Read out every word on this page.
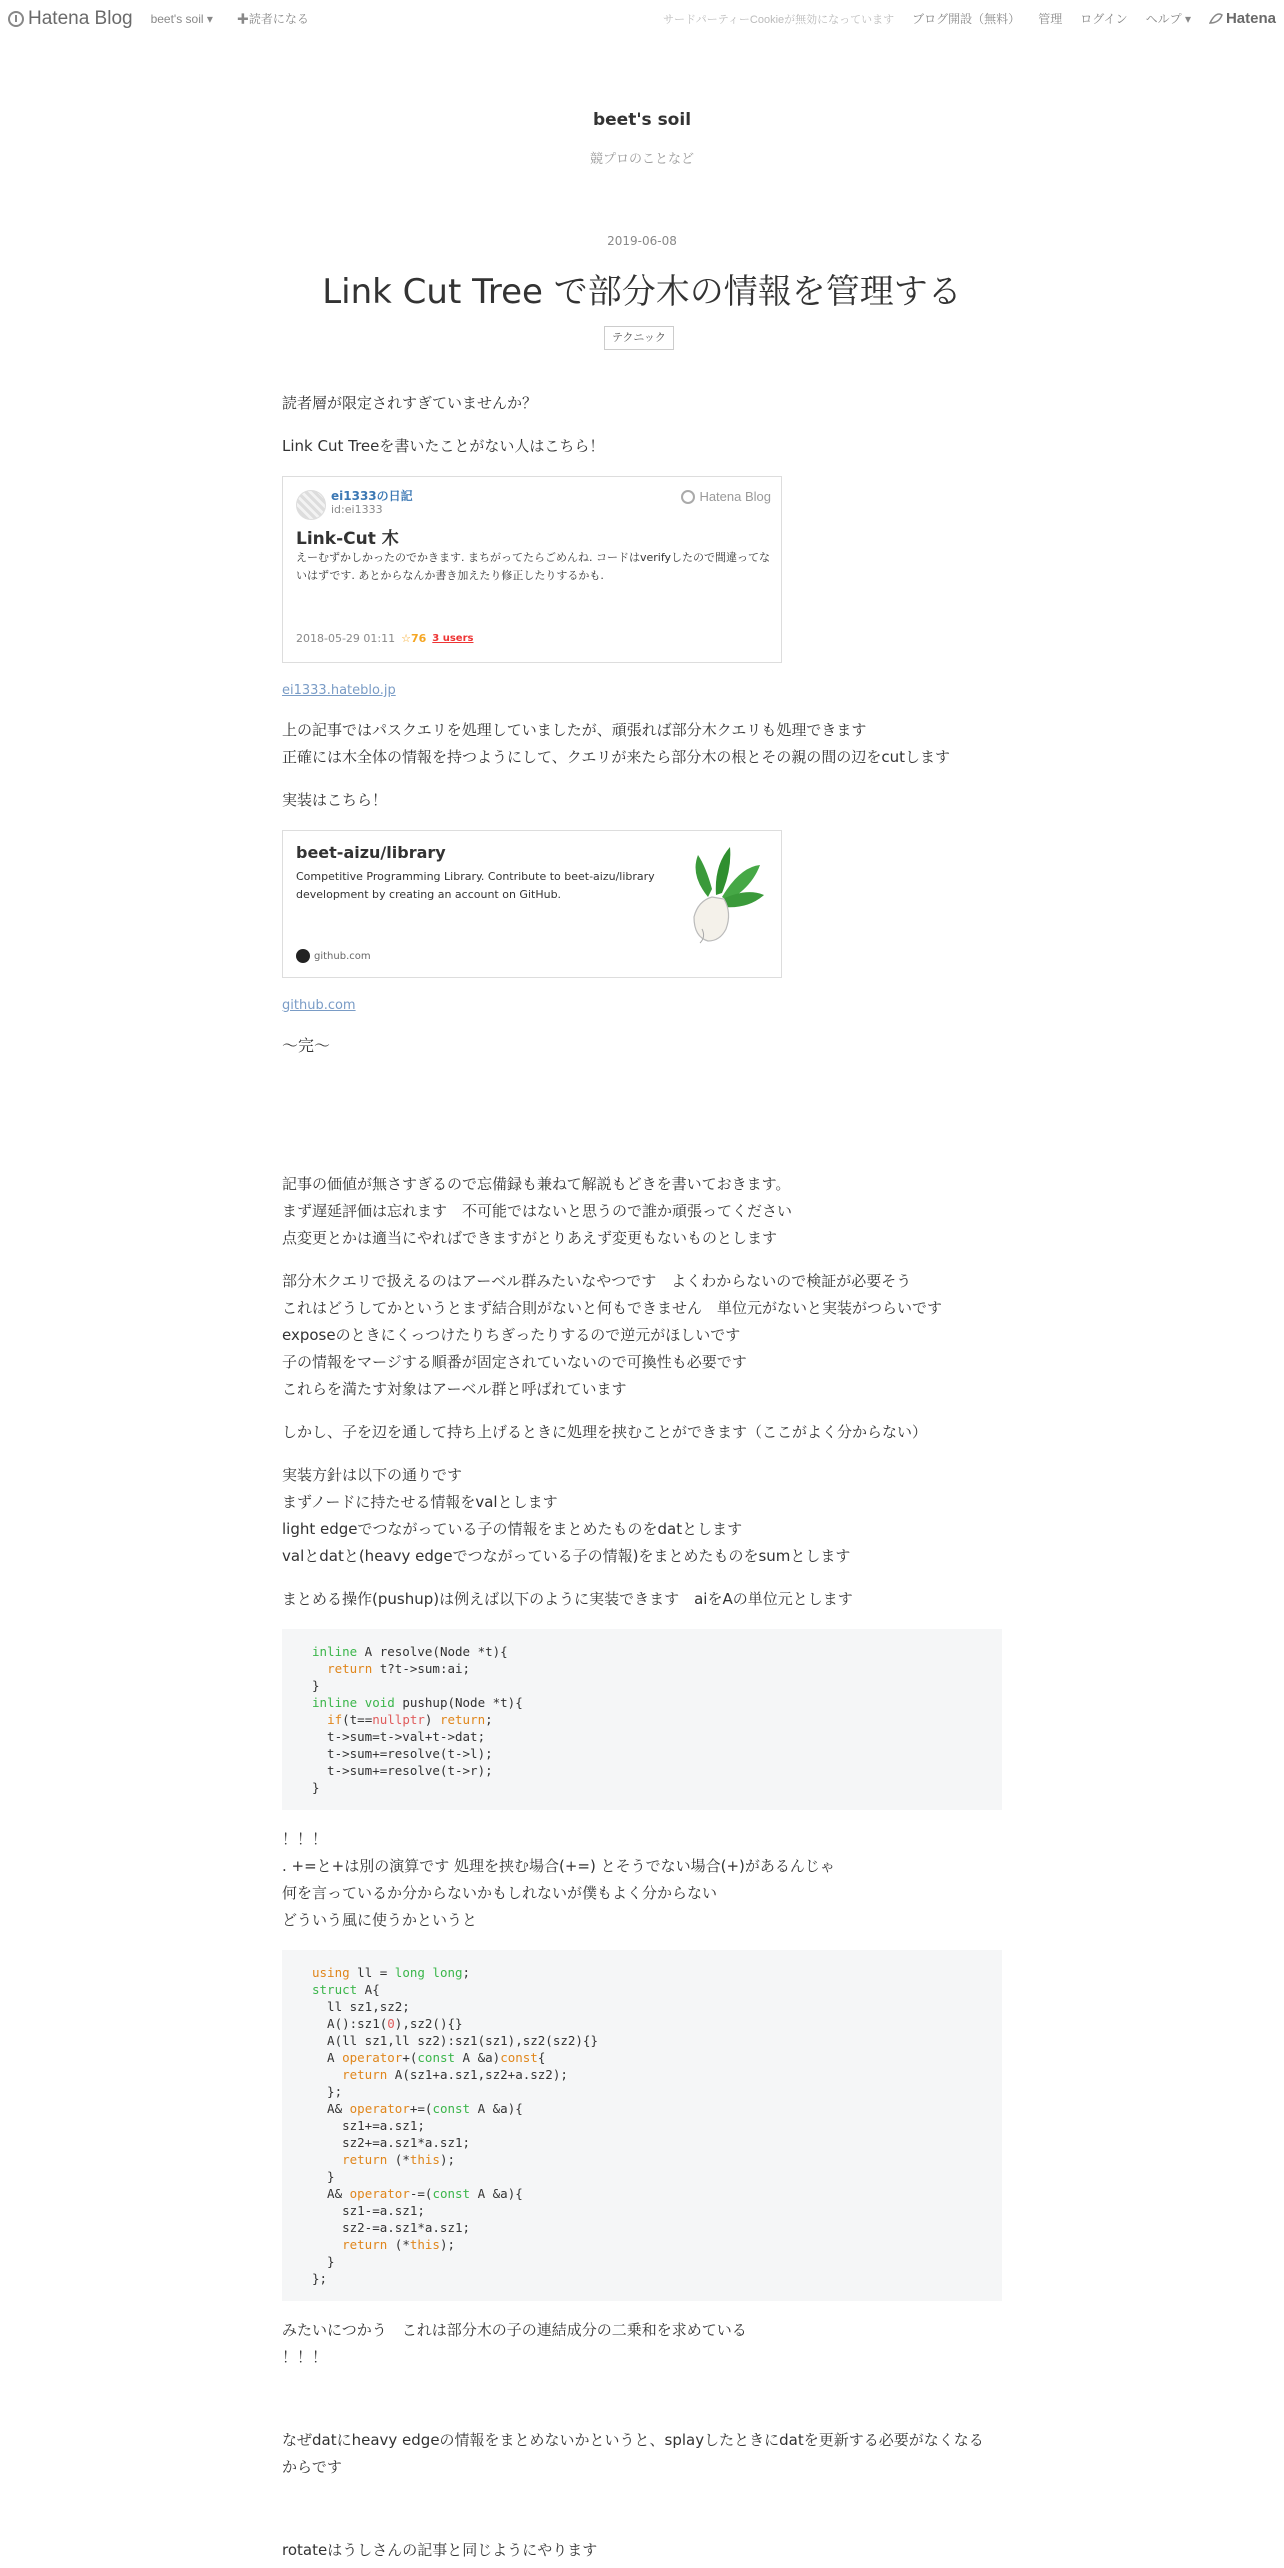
Hatena Blog beet's soil ▾ ✚読者になる	サードパーティーCookieが無効になっています ブログ開設（無料） 管理 ログイン ヘルプ ▾ Hatena
beet's soil
競プロのことなど
2019-06-08
Link Cut Tree で部分木の情報を管理する
テクニック
読者層が限定されすぎていませんか？
Link Cut Treeを書いたことがない人はこちら！
ei1333の日記
id:ei1333
Hatena Blog
Link-Cut 木
えーむずかしかったのでかきます. まちがってたらごめんね. コードはverifyしたので間違ってないはずです. あとからなんか書き加えたり修正したりするかも.
2018-05-29 01:11 ☆76 3 users
ei1333.hateblo.jp
上の記事ではパスクエリを処理していましたが、頑張れば部分木クエリも処理できます
正確には木全体の情報を持つようにして、クエリが来たら部分木の根とその親の間の辺をcutします
実装はこちら！
beet-aizu/library
Competitive Programming Library. Contribute to beet-aizu/library development by creating an account on GitHub.
github.com
github.com
〜完〜
記事の価値が無さすぎるので忘備録も兼ねて解説もどきを書いておきます。
まず遅延評価は忘れます　不可能ではないと思うので誰か頑張ってください
点変更とかは適当にやればできますがとりあえず変更もないものとします
部分木クエリで扱えるのはアーベル群みたいなやつです　よくわからないので検証が必要そう
これはどうしてかというとまず結合則がないと何もできません　単位元がないと実装がつらいです
exposeのときにくっつけたりちぎったりするので逆元がほしいです
子の情報をマージする順番が固定されていないので可換性も必要です
これらを満たす対象はアーベル群と呼ばれています
しかし、子を辺を通して持ち上げるときに処理を挟むことができます（ここがよく分からない）
実装方針は以下の通りです
まずノードに持たせる情報をvalとします
light edgeでつながっている子の情報をまとめたものをdatとします
valとdatと(heavy edgeでつながっている子の情報)をまとめたものをsumとします
まとめる操作(pushup)は例えば以下のように実装できます　aiをAの単位元とします
inline A resolve(Node *t){
return t?t->sum:ai;
}
inline void pushup(Node *t){
if(t==nullptr) return;
t->sum=t->val+t->dat;
t->sum+=resolve(t->l);
t->sum+=resolve(t->r);
}
！！！
. +=と+は別の演算です 処理を挟む場合(+=) とそうでない場合(+)があるんじゃ
何を言っているか分からないかもしれないが僕もよく分からない
どういう風に使うかというと
using ll = long long;
struct A{
ll sz1,sz2;
A():sz1(0),sz2(){}
A(ll sz1,ll sz2):sz1(sz1),sz2(sz2){}
A operator+(const A &a)const{
return A(sz1+a.sz1,sz2+a.sz2);
};
A& operator+=(const A &a){
sz1+=a.sz1;
sz2+=a.sz1*a.sz1;
return (*this);
}
A& operator-=(const A &a){
sz1-=a.sz1;
sz2-=a.sz1*a.sz1;
return (*this);
}
};
みたいにつかう　これは部分木の子の連結成分の二乗和を求めている
！！！
なぜdatにheavy edgeの情報をまとめないかというと、splayしたときにdatを更新する必要がなくなる
からです
rotateはうしさんの記事と同じようにやります
